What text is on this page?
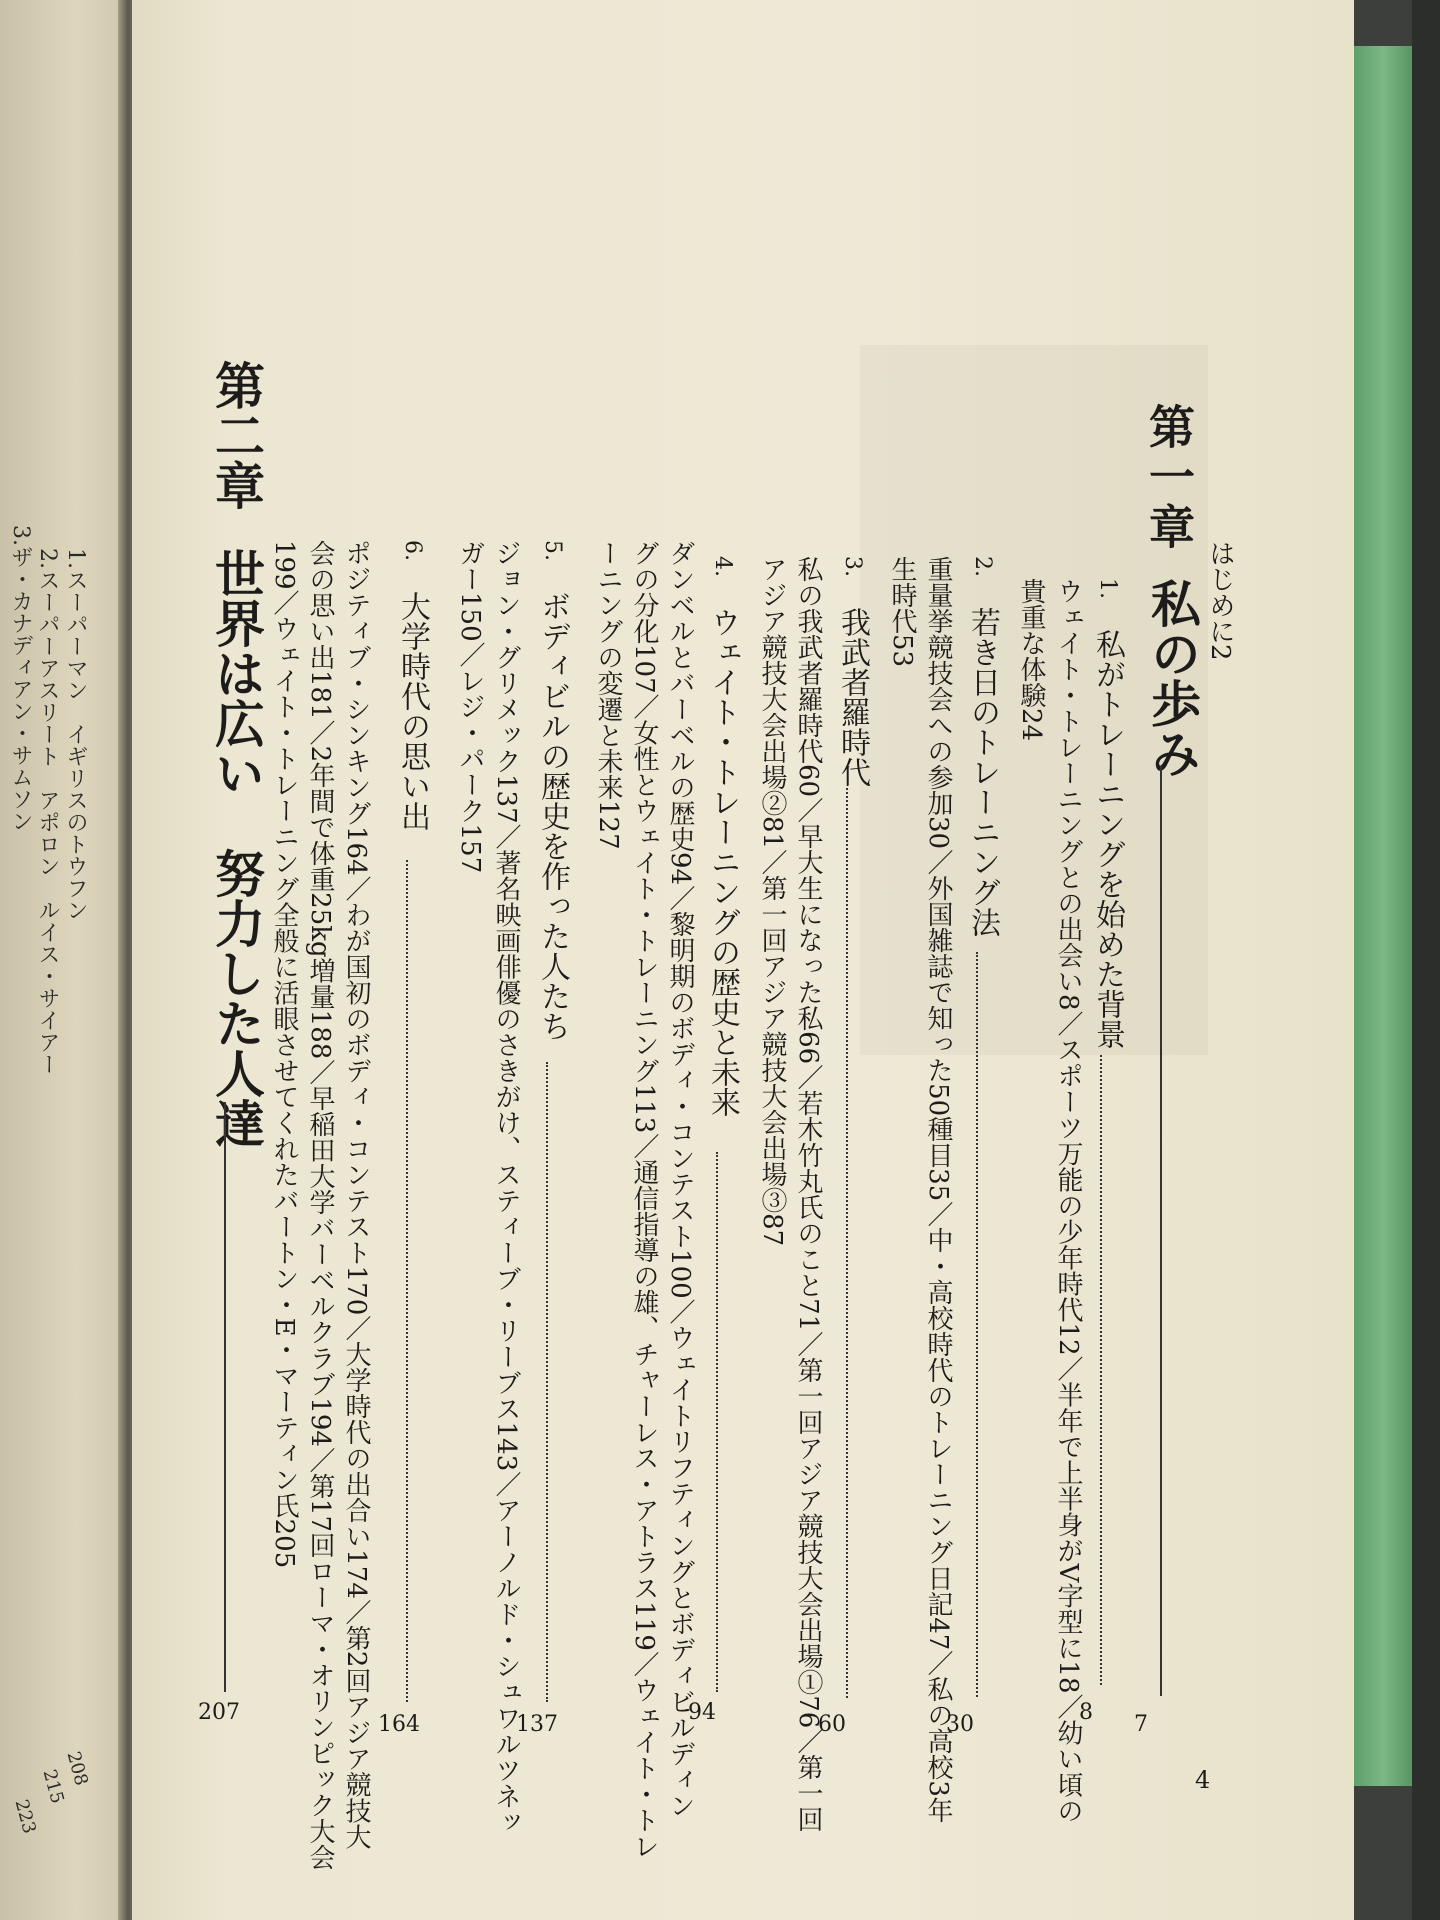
1.スーパーマン　イギリスのトウフン
2.スーパーアスリート　アポロン　ルイス・サイアー
3.ザ・カナディアン・サムソン
208
215
223
はじめに2
第一章
私の歩み
7
1.　私がトレーニングを始めた背景
8
ウェイト・トレーニングとの出会い8／スポーツ万能の少年時代12／半年で上半身がV字型に18／幼い頃の
貴重な体験24
2.　若き日のトレーニング法
30
重量挙競技会への参加30／外国雑誌で知った50種目35／中・高校時代のトレーニング日記47／私の高校3年
生時代53
3.　我武者羅時代
60
私の我武者羅時代60／早大生になった私66／若木竹丸氏のこと71／第一回アジア競技大会出場①76／第一回
アジア競技大会出場②81／第一回アジア競技大会出場③87
4.　ウェイト・トレーニングの歴史と未来
94
ダンベルとバーベルの歴史94／黎明期のボディ・コンテスト100／ウェイトリフティングとボディビルディン
グの分化107／女性とウェイト・トレーニング113／通信指導の雄、チャーレス・アトラス119／ウェイト・トレ
ーニングの変遷と未来127
5.　ボディビルの歴史を作った人たち
137
ジョン・グリメック137／著名映画俳優のさきがけ、スティーブ・リーブス143／アーノルド・シュワルツネッ
ガー150／レジ・パーク157
6.　大学時代の思い出
164
ポジティブ・シンキング164／わが国初のボディ・コンテスト170／大学時代の出合い174／第2回アジア競技大
会の思い出181／2年間で体重25kg増量188／早稲田大学バーベルクラブ194／第17回ローマ・オリンピック大会
199／ウェイト・トレーニング全般に活眼させてくれたバートン・E・マーティン氏205
第二章
世界は広い　努力した人達
207
4
